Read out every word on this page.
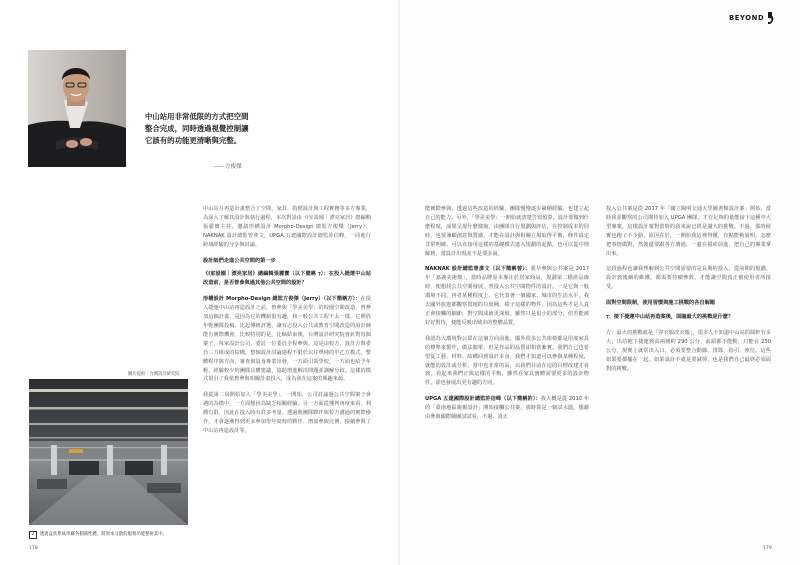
中山站用非常低限的方式把空間
整合完成，同時透過視覺控制讓
它該有的功能更清晰與完整。
——方俊傑

中山站月再造計畫整合了空間、家具、指標設計與工程實務等多方專業，為深入了解其設計與執行過程，本次對話由《i室設圈｜漂亮家居》總編輯張麗寶主持，邀請形構設計 Morpho-Design 總監方俊傑（Jerry）、NAKNAK 設計總監曾彥文、UPGA 五建國際設計總監許信峰，一同進行跨域經驗的分享與討論。

設計師們走進公共空間的第一步

《i室設圈｜漂亮家居》總編輯張麗寶（以下簡稱 ⁊）：在投入捷運中山站改造前，是否曾參與過其他公共空間的設計？

形構設計 Morpho-Design 總監方俊傑（Jerry）（以下簡稱方）：在投入捷運中山站再造設計之前，曾參與「學美美學」的校園空間改造，曾參加這個計畫，是因為它的機制很有趣，和一般公共工程不太一樣，它開放年輕團隊投稿。比起傳統評選，讓有志投入公共或教育空間改造的設計師能有實際機會。比較特別的是，比稿結束後，台灣設計研究院會針對每個案子，每家設計公司，委託一位委員全程參與。這是由校方、設計方與委員三方組成的結構，整個設計討論過程不限於以往單純的甲乙方模式，整體程序與方向，審查與設身專業出發，一方面引領學校，一方面也給予年輕、經驗較少的團隊具體建議，協助增進解決問題並調解分歧。這樣的模式很引了我依舊參與相關計畫投入，成為我在這案的興趣來源。

我從第二屆開始加入「學美美學」，一開始，公司討論過公共空間案子會遇的為模中，一方面想因為缺乏相關經驗，另一方面從懂判角度來看，利潤有限，因此在投入時有許多考量。透過與團隊夥伴與校方溝通的實際操作，才會逐漸得到更多參加學年度時的夥伴、增加參與比例，接續參與了中山站再造設計等。

圖片提供｜台灣設計研究院
2 透過盒狀系統串聯各個商性體，將原本分散的服務功能整併其中。
178

能實際參與，透過這些改造的經驗，團隊慢慢逐步累積經驗，也建立起自己的能力。另外，「學美美學」一開始就清楚告知預算，設計要做到什麼程度，成果呈現什麼樣貌，由團隊自行規劃與評估，在控制成本的同時，也要兼顧創意與質感，才能在設計與相關立場取得平衡，條件設定非常明確。可以直接用這樣的基礎模式進入規劃的起點，也可以從中理解到，當設計出現並不是要多說。

NAKNAK 設計總監曾彥文（以下簡稱曾）：我早參與公共案是 2017 年「嘉義美術館」，當時品牌原本專注於居家商品，規劃第二檔產品線時，便想找公共空間發展，曾投入公共空間物件的設計。一是它與一般環境不同，再者某種程度上，它代表著一個國家、城市的生活水平，我去國外旅遊都觀察當地的垃圾桶、椅子這樣的物件，因為這些才是人真正會接觸的細節，對空間成就更深刻。雖然只是很小的部分，但若能被好好對待，便能反映出城市的整體品質。

我認為大環境對公眾在這個方向前進，國外很多公共座椅都是用度家具的標準來製作，做法簡單，但是作品的品質卻相當紮實。我們自己也希望從工藝、材料、結構回到設計本身，我們才知道可以參與某種程度，就能的設計或分析，當中也非常的高，以我們目前在這的目標改建才看到，看起來我們正與這樣的平衡，雖然在家具實體需要更多的設計物件，卻也發展出更有趣的方向。

UPGA 五建國際設計總監許信峰（以下簡稱許）：我大概是從 2010 年的「臺南地區親親設計」開始接觸公共案，那時算是一個試水溫，想藉由參與國際競圖試試看，不過，真正

投入公共案是從 2017 年「國立陽明交通大學圖書館設計案」開始，當時我並觀察的公司期待加入 UPGA 團隊，才有足夠的量能接下這種中大型專案，這樣設計案對當時的我來說已經是滿大的挑戰。不過，那時候實也跑了不少路，原因在於，一開始我這裡得懂，有點能夠說明，怎麼把事情做對，然後還要跟各方溝通，一邊在摸索前進，把自己的專業拿出來。

這段過程也讓我理解到公共空間需要的是長期的投入，從前期的規劃、設計到後續的維護，都需要持續參與，才能讓空間真正被使用者所接受。

面對空間限制，使用習慣與施工挑戰的各自解題

⁊：接下捷運中山站再造案後，面臨最大的挑戰是什麼？

方：最大的挑戰就是「穿衣服改衣服」，很多人不知道中山站的隊軒有多大，出站地下捷運到高兩層約 290 公分，前頭都不能動，只能在 230 公分，現實上就常出入口，必須要整合動線、排隊、指引、座位。這些如果要都擺在一起。如果設計不就是要減掉，也是我們自己最終必須面對的挑戰。

179
BEYOND
